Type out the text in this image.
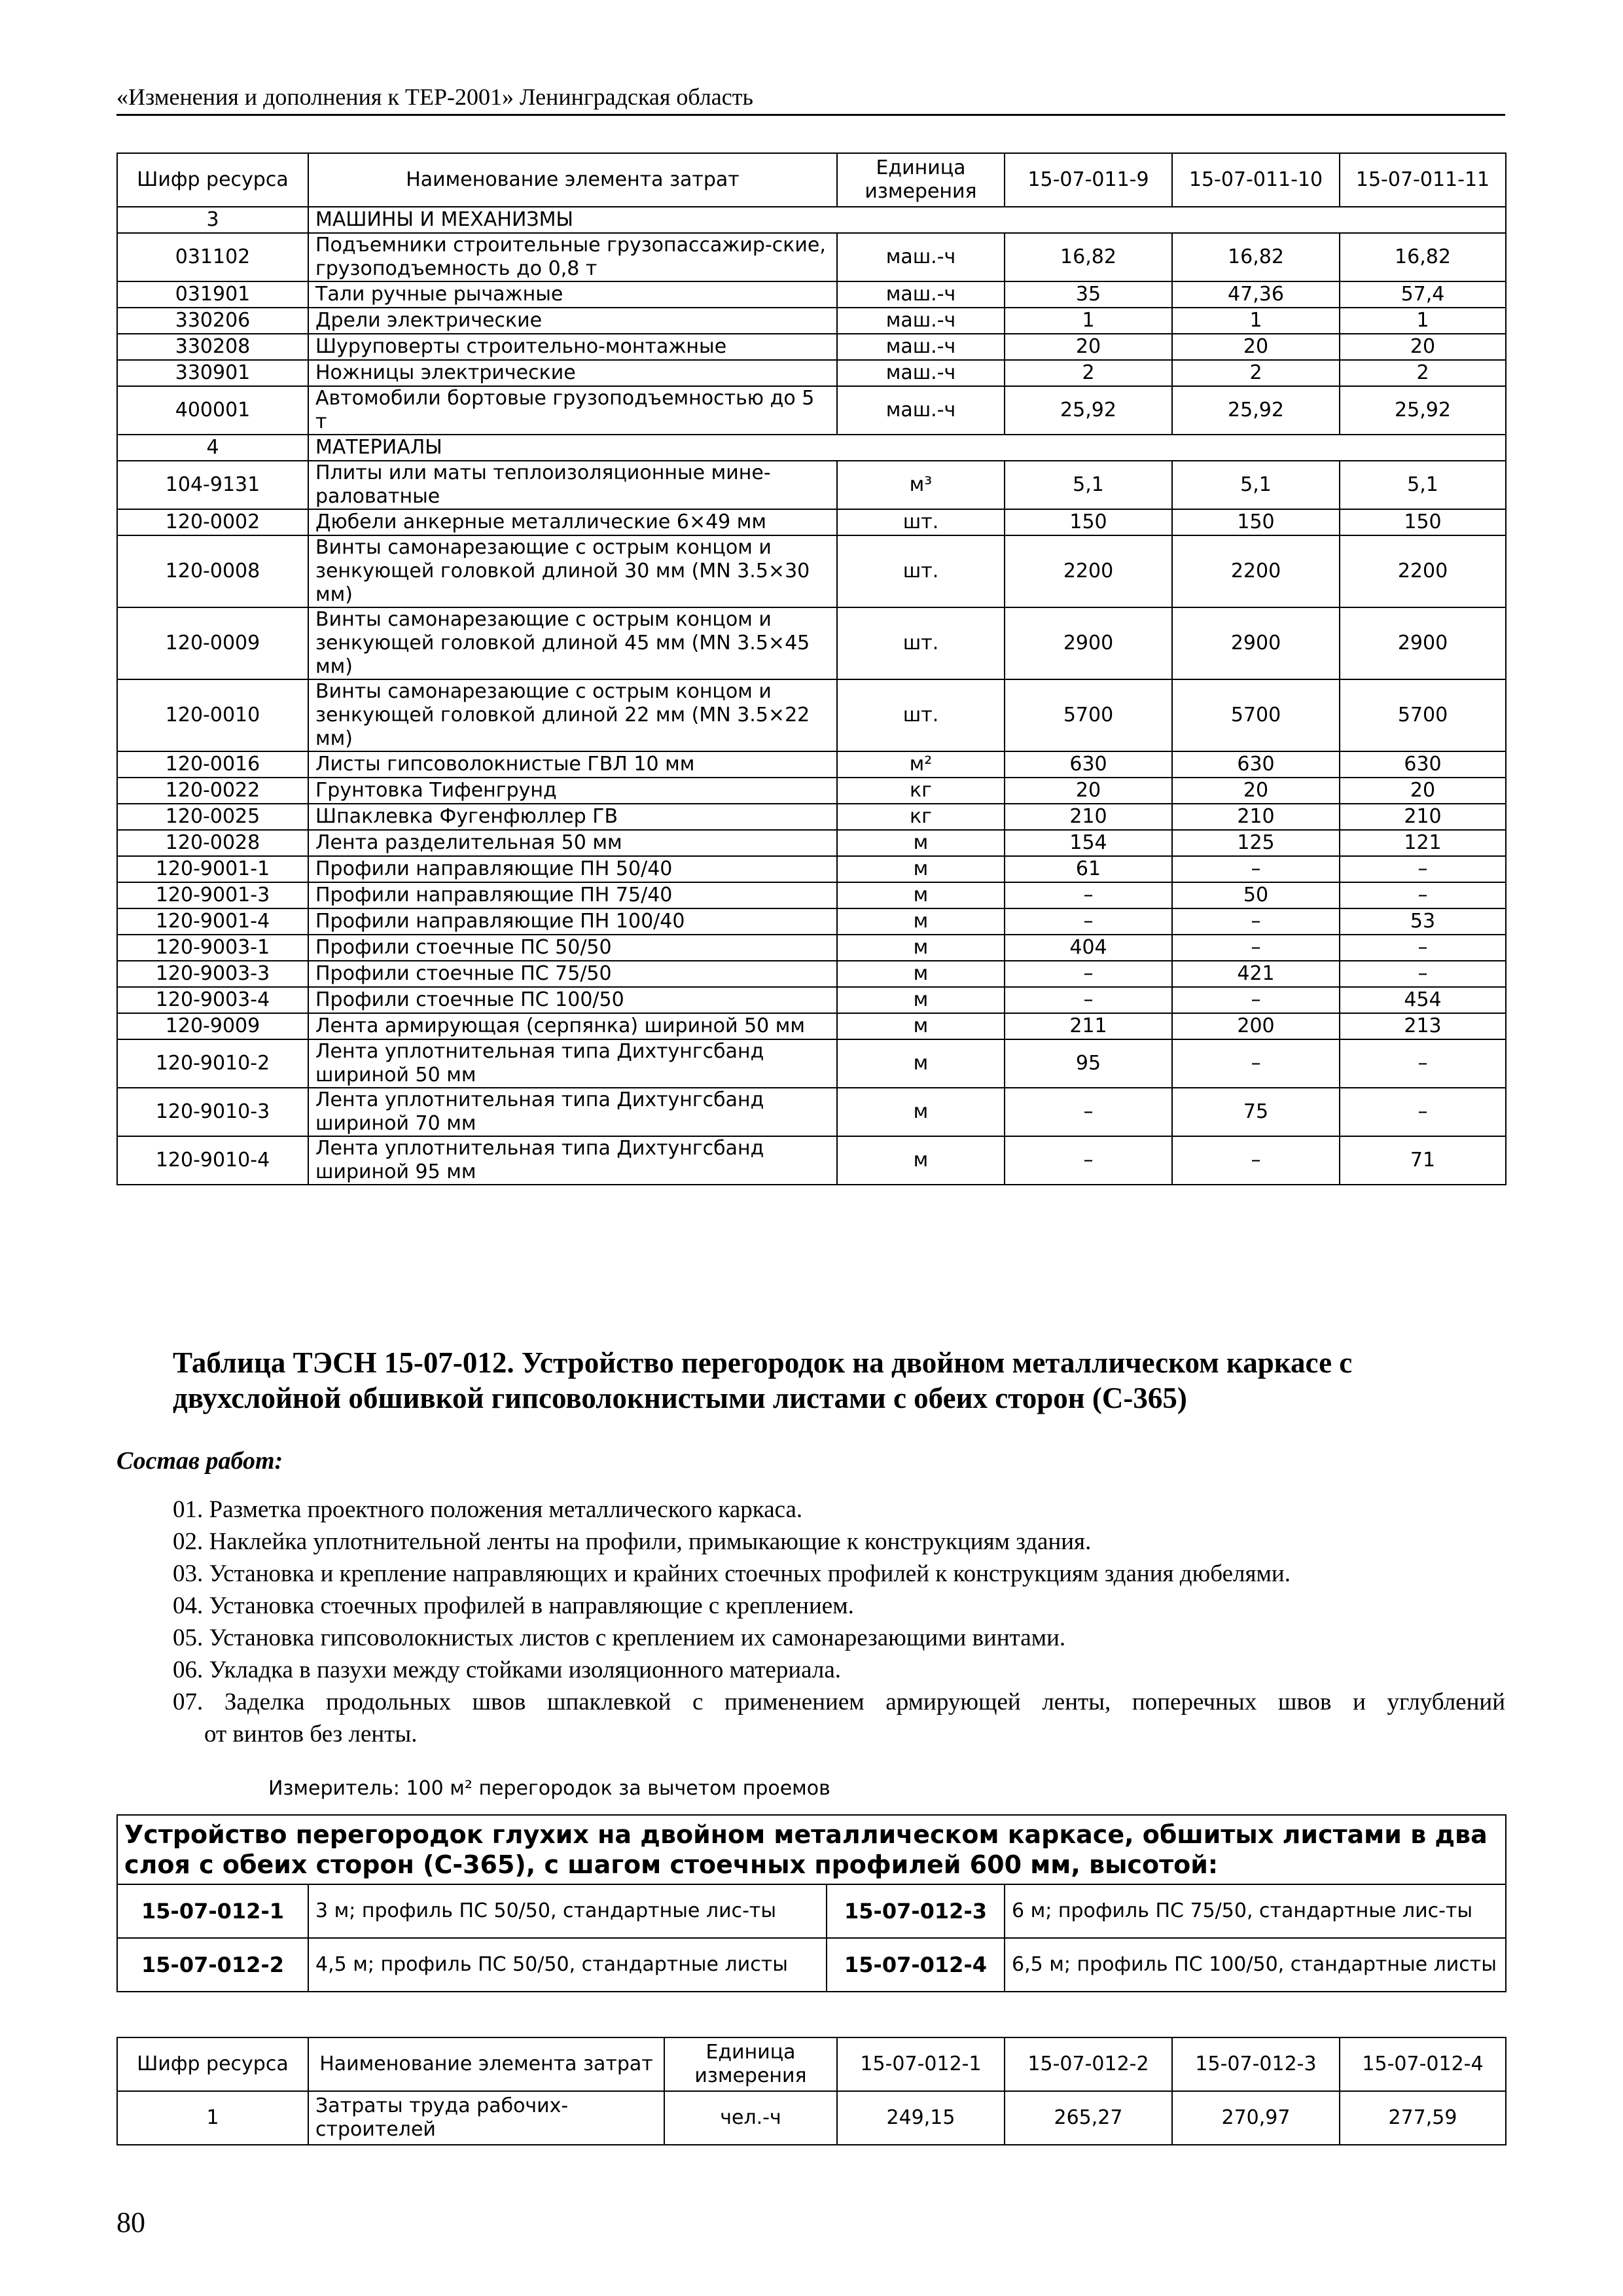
«Изменения и дополнения к ТЕР-2001» Ленинградская область
Шифр ресурса	Наименование элемента затрат	Единица измерения	15-07-011-9	15-07-011-10	15-07-011-11
3	МАШИНЫ И МЕХАНИЗМЫ				
031102	Подъемники строительные грузопассажир-ские, грузоподъемность до 0,8 т	маш.-ч	16,82	16,82	16,82
031901	Тали ручные рычажные	маш.-ч	35	47,36	57,4
330206	Дрели электрические	маш.-ч	1	1	1
330208	Шуруповерты строительно-монтажные	маш.-ч	20	20	20
330901	Ножницы электрические	маш.-ч	2	2	2
400001	Автомобили бортовые грузоподъемностью до 5 т	маш.-ч	25,92	25,92	25,92
4	МАТЕРИАЛЫ				
104-9131	Плиты или маты теплоизоляционные мине-раловатные	м³	5,1	5,1	5,1
120-0002	Дюбели анкерные металлические 6×49 мм	шт.	150	150	150
120-0008	Винты самонарезающие с острым концом и зенкующей головкой длиной 30 мм (MN 3.5×30 мм)	шт.	2200	2200	2200
120-0009	Винты самонарезающие с острым концом и зенкующей головкой длиной 45 мм (MN 3.5×45 мм)	шт.	2900	2900	2900
120-0010	Винты самонарезающие с острым концом и зенкующей головкой длиной 22 мм (MN 3.5×22 мм)	шт.	5700	5700	5700
120-0016	Листы гипсоволокнистые ГВЛ 10 мм	м²	630	630	630
120-0022	Грунтовка Тифенгрунд	кг	20	20	20
120-0025	Шпаклевка Фугенфюллер ГВ	кг	210	210	210
120-0028	Лента разделительная 50 мм	м	154	125	121
120-9001-1	Профили направляющие ПН 50/40	м	61	–	–
120-9001-3	Профили направляющие ПН 75/40	м	–	50	–
120-9001-4	Профили направляющие ПН 100/40	м	–	–	53
120-9003-1	Профили стоечные ПС 50/50	м	404	–	–
120-9003-3	Профили стоечные ПС 75/50	м	–	421	–
120-9003-4	Профили стоечные ПС 100/50	м	–	–	454
120-9009	Лента армирующая (серпянка) шириной 50 мм	м	211	200	213
120-9010-2	Лента уплотнительная типа Дихтунгсбанд шириной 50 мм	м	95	–	–
120-9010-3	Лента уплотнительная типа Дихтунгсбанд шириной 70 мм	м	–	75	–
120-9010-4	Лента уплотнительная типа Дихтунгсбанд шириной 95 мм	м	–	–	71
Таблица ТЭСН 15-07-012. Устройство перегородок на двойном металлическом каркасе с двухслойной обшивкой гипсоволокнистыми листами с обеих сторон (С-365)
Состав работ:
01. Разметка проектного положения металлического каркаса.
02. Наклейка уплотнительной ленты на профили, примыкающие к конструкциям здания.
03. Установка и крепление направляющих и крайних стоечных профилей к конструкциям здания дюбелями.
04. Установка стоечных профилей в направляющие с креплением.
05. Установка гипсоволокнистых листов с креплением их самонарезающими винтами.
06. Укладка в пазухи между стойками изоляционного материала.
07. Заделка продольных швов шпаклевкой с применением армирующей ленты, поперечных швов и углублений
от винтов без ленты.
Измеритель: 100 м² перегородок за вычетом проемов
Устройство перегородок глухих на двойном металлическом каркасе, обшитых листами в два слоя с обеих сторон (С-365), с шагом стоечных профилей 600 мм, высотой:			
15-07-012-1	3 м; профиль ПС 50/50, стандартные лис-ты	15-07-012-3	6 м; профиль ПС 75/50, стандартные лис-ты
15-07-012-2	4,5 м; профиль ПС 50/50, стандартные листы	15-07-012-4	6,5 м; профиль ПС 100/50, стандартные листы
Шифр ресурса	Наименование элемента затрат	Единица измерения	15-07-012-1	15-07-012-2	15-07-012-3	15-07-012-4
1	Затраты труда рабочих-строителей	чел.-ч	249,15	265,27	270,97	277,59
80
